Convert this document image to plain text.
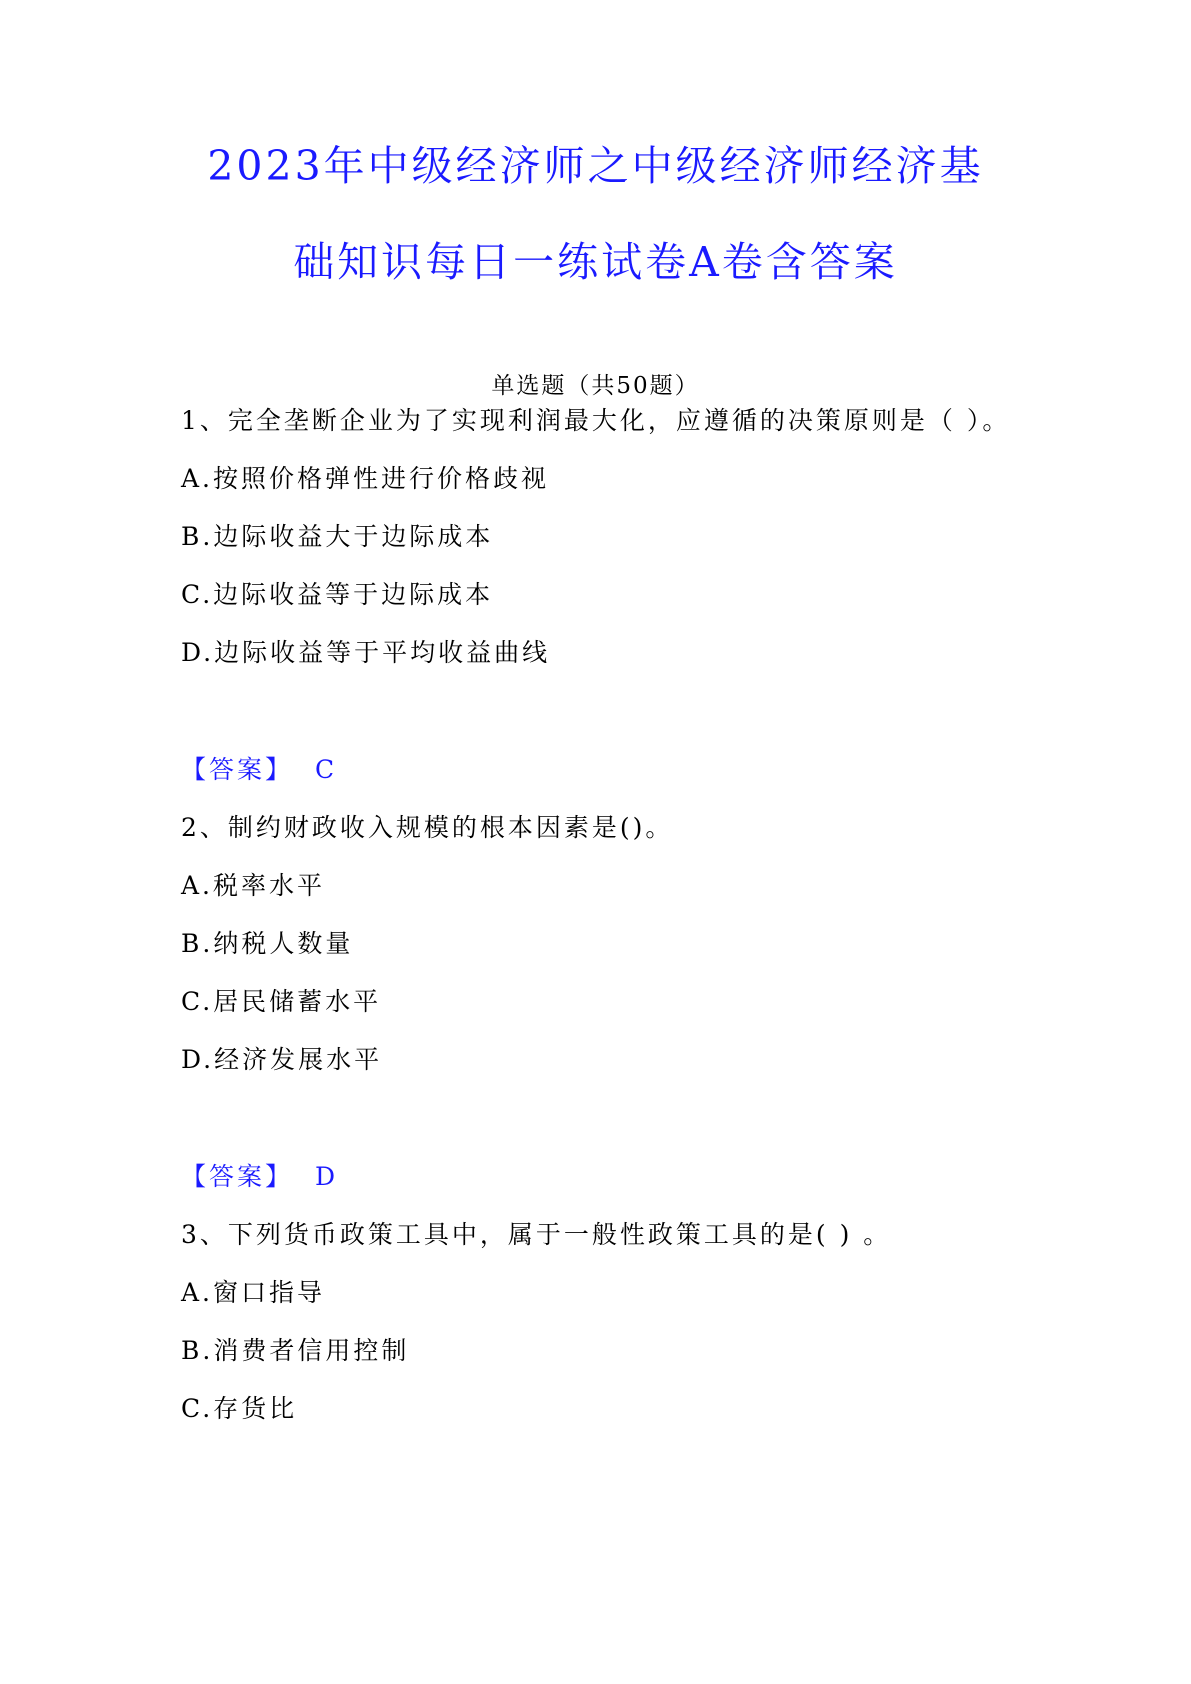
2023年中级经济师之中级经济师经济基
础知识每日一练试卷A卷含答案
单选题（共50题）
1、完全垄断企业为了实现利润最大化，应遵循的决策原则是（ ）。
A.按照价格弹性进行价格歧视
B.边际收益大于边际成本
C.边际收益等于边际成本
D.边际收益等于平均收益曲线
【答案】 C
2、制约财政收入规模的根本因素是()。
A.税率水平
B.纳税人数量
C.居民储蓄水平
D.经济发展水平
【答案】 D
3、下列货币政策工具中，属于一般性政策工具的是( ) 。
A.窗口指导
B.消费者信用控制
C.存货比
